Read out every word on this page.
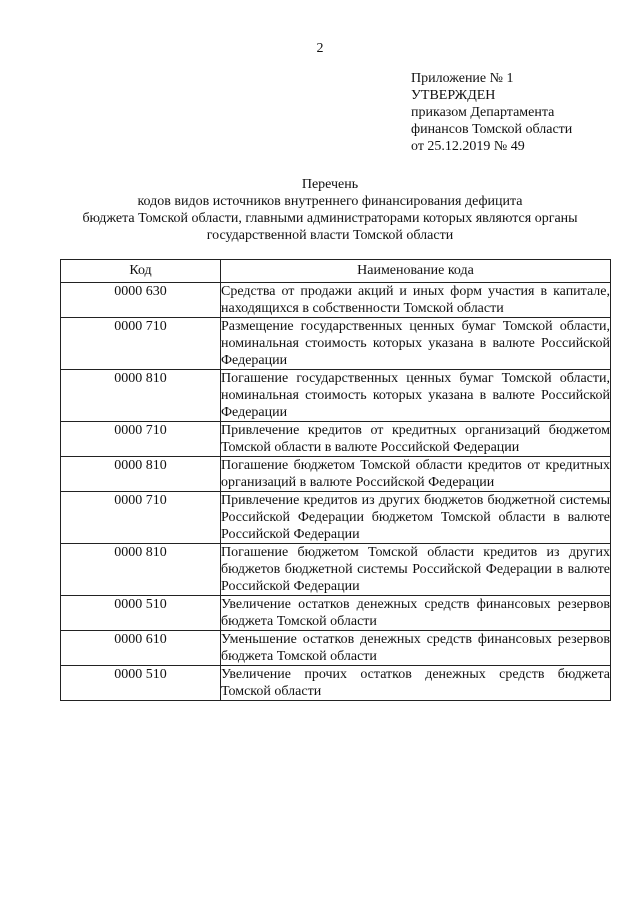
2
Приложение № 1
УТВЕРЖДЕН
приказом Департамента
финансов Томской области
от 25.12.2019 № 49
Перечень
кодов видов источников внутреннего финансирования дефицита
бюджета Томской области, главными администраторами которых являются органы
государственной власти Томской области
Код	Наименование кода
0000 630	Средства от продажи акций и иных форм участия в капитале, находящихся в собственности Томской области
0000 710	Размещение государственных ценных бумаг Томской области, номинальная стоимость которых указана в валюте Российской Федерации
0000 810	Погашение государственных ценных бумаг Томской области, номинальная стоимость которых указана в валюте Российской Федерации
0000 710	Привлечение кредитов от кредитных организаций бюджетом Томской области в валюте Российской Федерации
0000 810	Погашение бюджетом Томской области кредитов от кредитных организаций в валюте Российской Федерации
0000 710	Привлечение кредитов из других бюджетов бюджетной системы Российской Федерации бюджетом Томской области в валюте Российской Федерации
0000 810	Погашение бюджетом Томской области кредитов из других бюджетов бюджетной системы Российской Федерации в валюте Российской Федерации
0000 510	Увеличение остатков денежных средств финансовых резервов бюджета Томской области
0000 610	Уменьшение остатков денежных средств финансовых резервов бюджета Томской области
0000 510	Увеличение прочих остатков денежных средств бюджета Томской области
